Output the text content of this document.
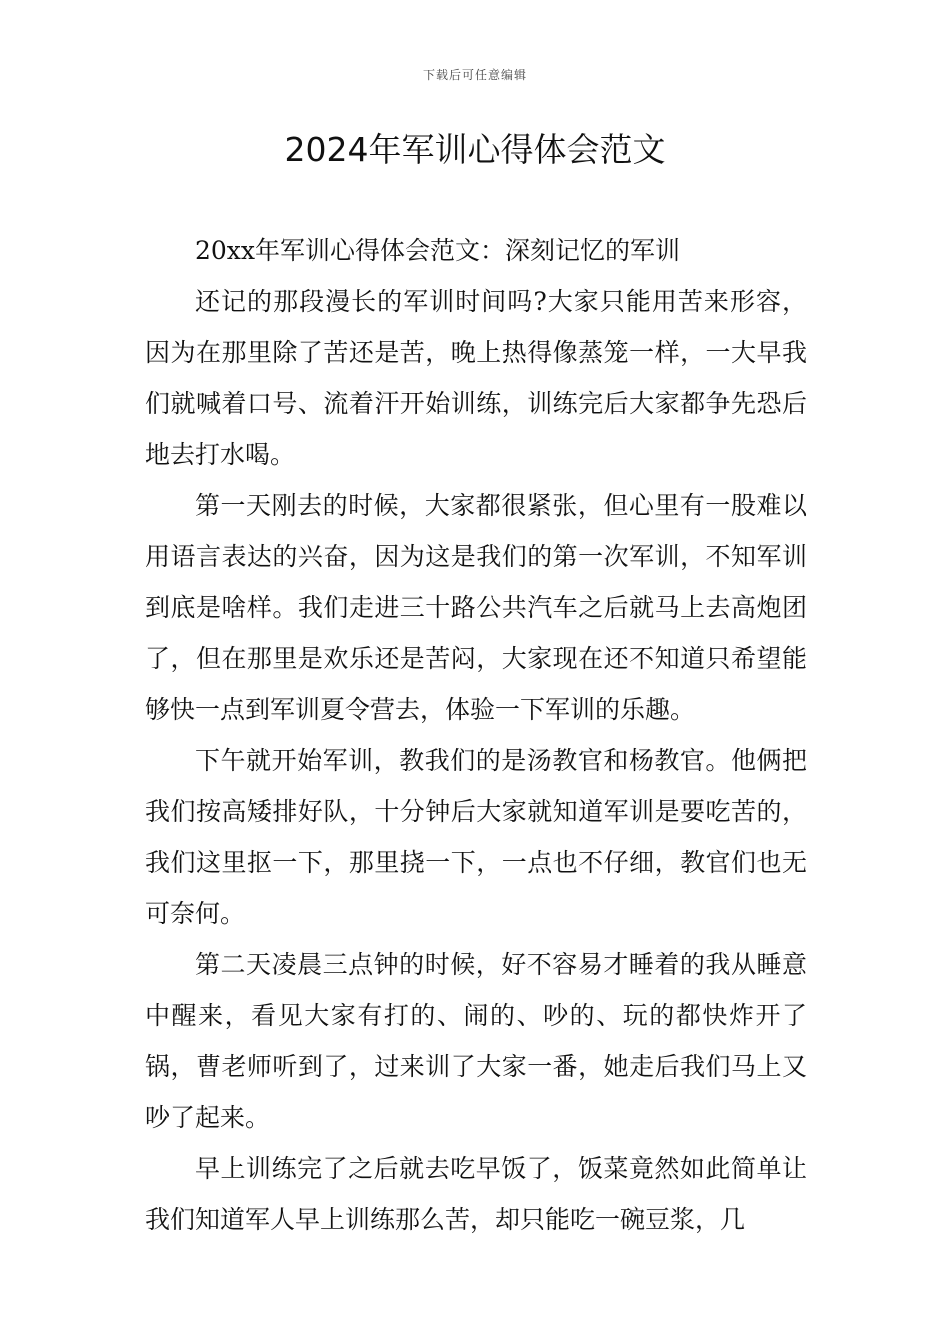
下载后可任意编辑
2024年军训心得体会范文

20xx年军训心得体会范文：深刻记忆的军训

还记的那段漫长的军训时间吗?大家只能用苦来形容，因为在那里除了苦还是苦，晚上热得像蒸笼一样，一大早我们就喊着口号、流着汗开始训练，训练完后大家都争先恐后地去打水喝。

第一天刚去的时候，大家都很紧张，但心里有一股难以用语言表达的兴奋，因为这是我们的第一次军训，不知军训到底是啥样。我们走进三十路公共汽车之后就马上去高炮团了，但在那里是欢乐还是苦闷，大家现在还不知道只希望能够快一点到军训夏令营去，体验一下军训的乐趣。

下午就开始军训，教我们的是汤教官和杨教官。他俩把我们按高矮排好队，十分钟后大家就知道军训是要吃苦的，我们这里抠一下，那里挠一下，一点也不仔细，教官们也无可奈何。

第二天凌晨三点钟的时候，好不容易才睡着的我从睡意中醒来，看见大家有打的、闹的、吵的、玩的都快炸开了锅，曹老师听到了，过来训了大家一番，她走后我们马上又吵了起来。

早上训练完了之后就去吃早饭了，饭菜竟然如此简单让我们知道军人早上训练那么苦，却只能吃一碗豆浆，几
